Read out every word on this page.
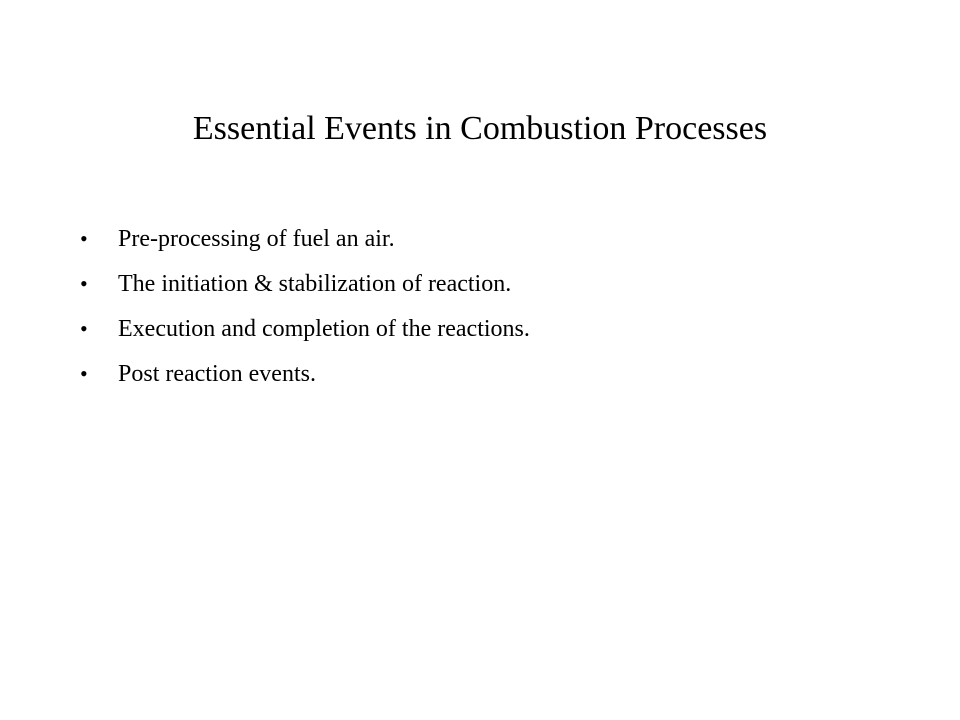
Essential Events in Combustion Processes
•	Pre-processing of fuel an air.
•	The initiation & stabilization of reaction.
•	Execution and completion of the reactions.
•	Post reaction events.
